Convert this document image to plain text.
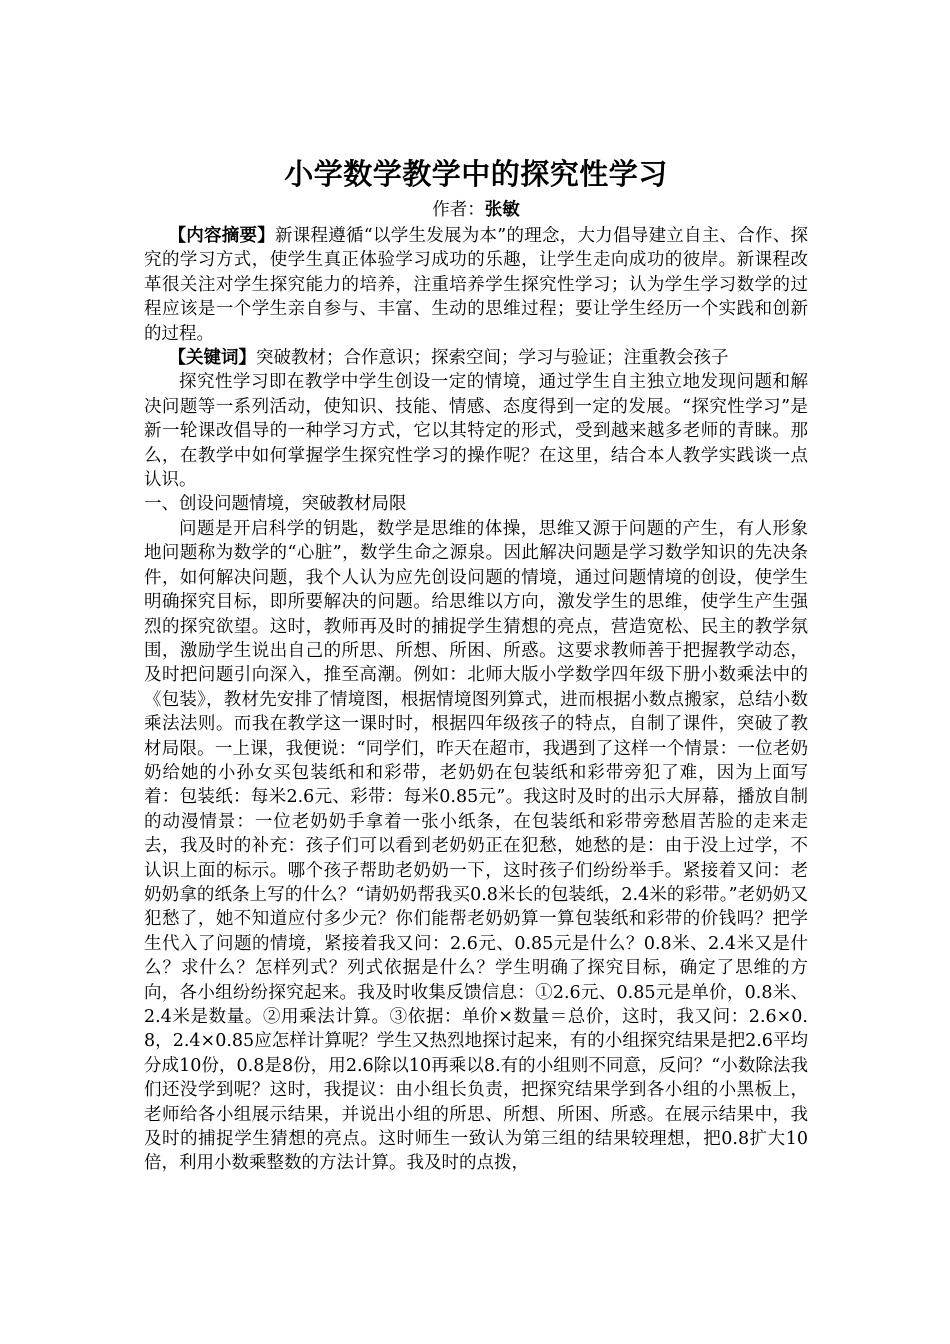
小学数学教学中的探究性学习

作者：张敏

【内容摘要】新课程遵循“以学生发展为本”的理念，大力倡导建立自主、合作、探究的学习方式，使学生真正体验学习成功的乐趣，让学生走向成功的彼岸。新课程改革很关注对学生探究能力的培养，注重培养学生探究性学习；认为学生学习数学的过程应该是一个学生亲自参与、丰富、生动的思维过程；要让学生经历一个实践和创新的过程。

【关键词】突破教材；合作意识；探索空间；学习与验证；注重教会孩子

探究性学习即在教学中学生创设一定的情境，通过学生自主独立地发现问题和解决问题等一系列活动，使知识、技能、情感、态度得到一定的发展。“探究性学习”是新一轮课改倡导的一种学习方式，它以其特定的形式，受到越来越多老师的青睐。那么，在教学中如何掌握学生探究性学习的操作呢？在这里，结合本人教学实践谈一点认识。

一、创设问题情境，突破教材局限

问题是开启科学的钥匙，数学是思维的体操，思维又源于问题的产生，有人形象地问题称为数学的“心脏”，数学生命之源泉。因此解决问题是学习数学知识的先决条件，如何解决问题，我个人认为应先创设问题的情境，通过问题情境的创设，使学生明确探究目标，即所要解决的问题。给思维以方向，激发学生的思维，使学生产生强烈的探究欲望。这时，教师再及时的捕捉学生猜想的亮点，营造宽松、民主的教学氛围，激励学生说出自己的所思、所想、所困、所惑。这要求教师善于把握教学动态，及时把问题引向深入，推至高潮。例如：北师大版小学数学四年级下册小数乘法中的《包装》，教材先安排了情境图，根据情境图列算式，进而根据小数点搬家，总结小数乘法法则。而我在教学这一课时时，根据四年级孩子的特点，自制了课件，突破了教材局限。一上课，我便说：“同学们，昨天在超市，我遇到了这样一个情景：一位老奶奶给她的小孙女买包装纸和和彩带，老奶奶在包装纸和彩带旁犯了难，因为上面写着：包装纸：每米2.6元、彩带：每米0.85元”。我这时及时的出示大屏幕，播放自制的动漫情景：一位老奶奶手拿着一张小纸条，在包装纸和彩带旁愁眉苦脸的走来走去，我及时的补充：孩子们可以看到老奶奶正在犯愁，她愁的是：由于没上过学，不认识上面的标示。哪个孩子帮助老奶奶一下，这时孩子们纷纷举手。紧接着又问：老奶奶拿的纸条上写的什么？“请奶奶帮我买0.8米长的包装纸，2.4米的彩带。”老奶奶又犯愁了，她不知道应付多少元？你们能帮老奶奶算一算包装纸和彩带的价钱吗？把学生代入了问题的情境，紧接着我又问：2.6元、0.85元是什么？0.8米、2.4米又是什么？求什么？怎样列式？列式依据是什么？学生明确了探究目标，确定了思维的方向，各小组纷纷探究起来。我及时收集反馈信息：①2.6元、0.85元是单价，0.8米、2.4米是数量。②用乘法计算。③依据：单价×数量＝总价，这时，我又问：2.6×0.8，2.4×0.85应怎样计算呢？学生又热烈地探讨起来，有的小组探究结果是把2.6平均分成10份，0.8是8份，用2.6除以10再乘以8.有的小组则不同意，反问？“小数除法我们还没学到呢？这时，我提议：由小组长负责，把探究结果学到各小组的小黑板上，老师给各小组展示结果，并说出小组的所思、所想、所困、所惑。在展示结果中，我及时的捕捉学生猜想的亮点。这时师生一致认为第三组的结果较理想，把0.8扩大10倍，利用小数乘整数的方法计算。我及时的点拨，
